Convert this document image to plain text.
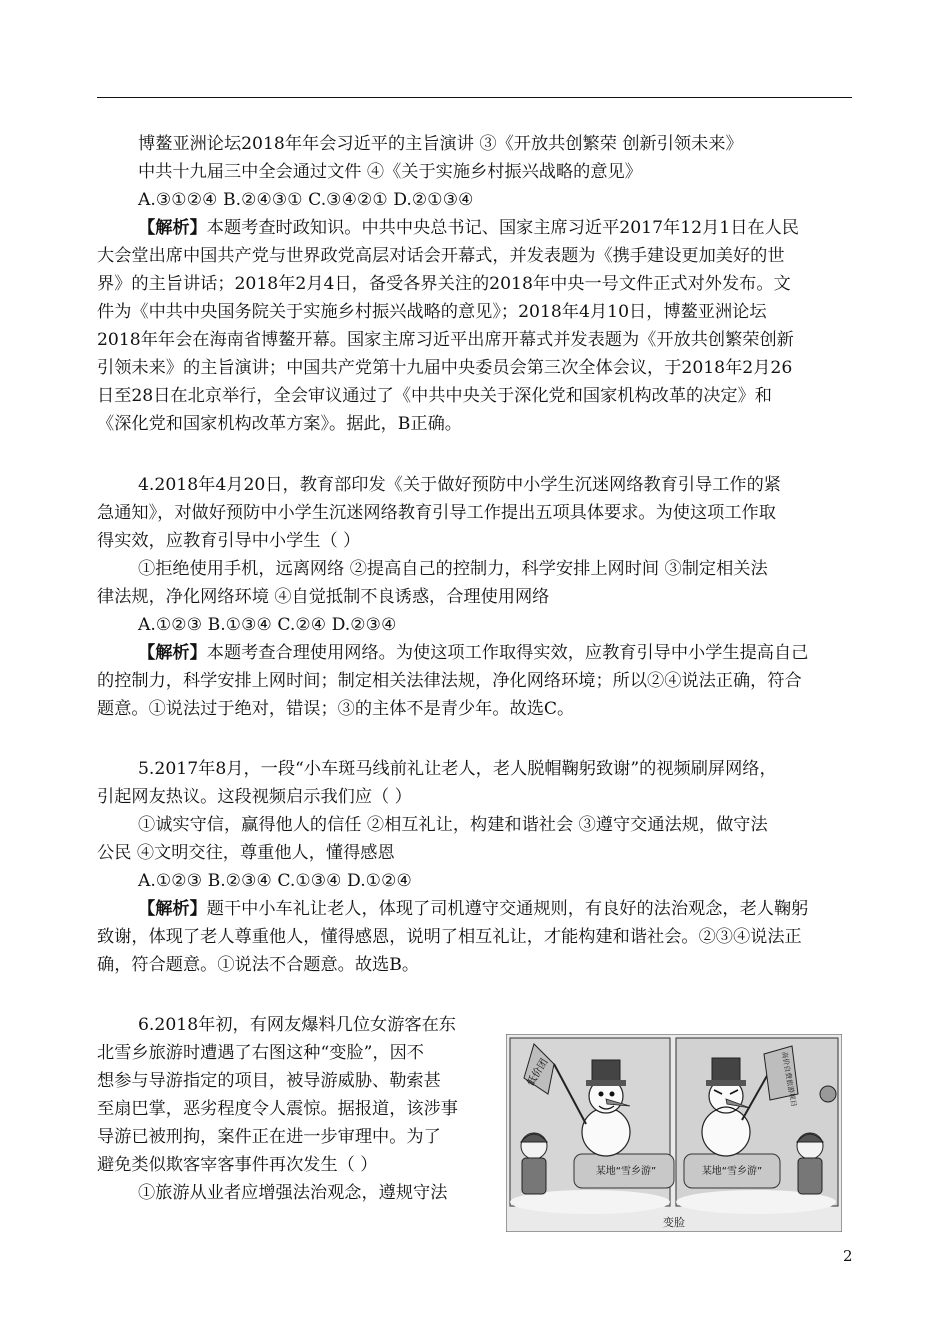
博鳌亚洲论坛2018年年会习近平的主旨演讲 ③《开放共创繁荣 创新引领未来》
中共十九届三中全会通过文件 ④《关于实施乡村振兴战略的意见》
A.③①②④ B.②④③① C.③④②① D.②①③④
【解析】本题考查时政知识。中共中央总书记、国家主席习近平2017年12月1日在人民
大会堂出席中国共产党与世界政党高层对话会开幕式，并发表题为《携手建设更加美好的世
界》的主旨讲话；2018年2月4日，备受各界关注的2018年中央一号文件正式对外发布。文
件为《中共中央国务院关于实施乡村振兴战略的意见》；2018年4月10日，博鳌亚洲论坛
2018年年会在海南省博鳌开幕。国家主席习近平出席开幕式并发表题为《开放共创繁荣创新
引领未来》的主旨演讲；中国共产党第十九届中央委员会第三次全体会议，于2018年2月26
日至28日在北京举行，全会审议通过了《中共中央关于深化党和国家机构改革的决定》和
《深化党和国家机构改革方案》。据此，B正确。
4.2018年4月20日，教育部印发《关于做好预防中小学生沉迷网络教育引导工作的紧
急通知》，对做好预防中小学生沉迷网络教育引导工作提出五项具体要求。为使这项工作取
得实效，应教育引导中小学生（ ）
①拒绝使用手机，远离网络 ②提高自己的控制力，科学安排上网时间 ③制定相关法
律法规，净化网络环境 ④自觉抵制不良诱惑，合理使用网络
A.①②③ B.①③④ C.②④ D.②③④
【解析】本题考查合理使用网络。为使这项工作取得实效，应教育引导中小学生提高自己
的控制力，科学安排上网时间；制定相关法律法规，净化网络环境；所以②④说法正确，符合
题意。①说法过于绝对，错误；③的主体不是青少年。故选C。
5.2017年8月，一段“小车斑马线前礼让老人，老人脱帽鞠躬致谢”的视频刷屏网络，
引起网友热议。这段视频启示我们应（ ）
①诚实守信，赢得他人的信任 ②相互礼让，构建和谐社会 ③遵守交通法规，做守法
公民 ④文明交往，尊重他人，懂得感恩
A.①②③ B.②③④ C.①③④ D.①②④
【解析】题干中小车礼让老人，体现了司机遵守交通规则，有良好的法治观念，老人鞠躬
致谢，体现了老人尊重他人，懂得感恩，说明了相互礼让，才能构建和谐社会。②③④说法正
确，符合题意。①说法不合题意。故选B。
6.2018年初，有网友爆料几位女游客在东
北雪乡旅游时遭遇了右图这种“变脸”，因不
想参与导游指定的项目，被导游威胁、勒索甚
至扇巴掌，恶劣程度令人震惊。据报道，该涉事
导游已被刑拘，案件正在进一步审理中。为了
避免类似欺客宰客事件再次发生（ ）
①旅游从业者应增强法治观念，遵规守法
某地“雪乡游”
低价团
某地“雪乡游”
高价自费旅游项目
变脸
2
